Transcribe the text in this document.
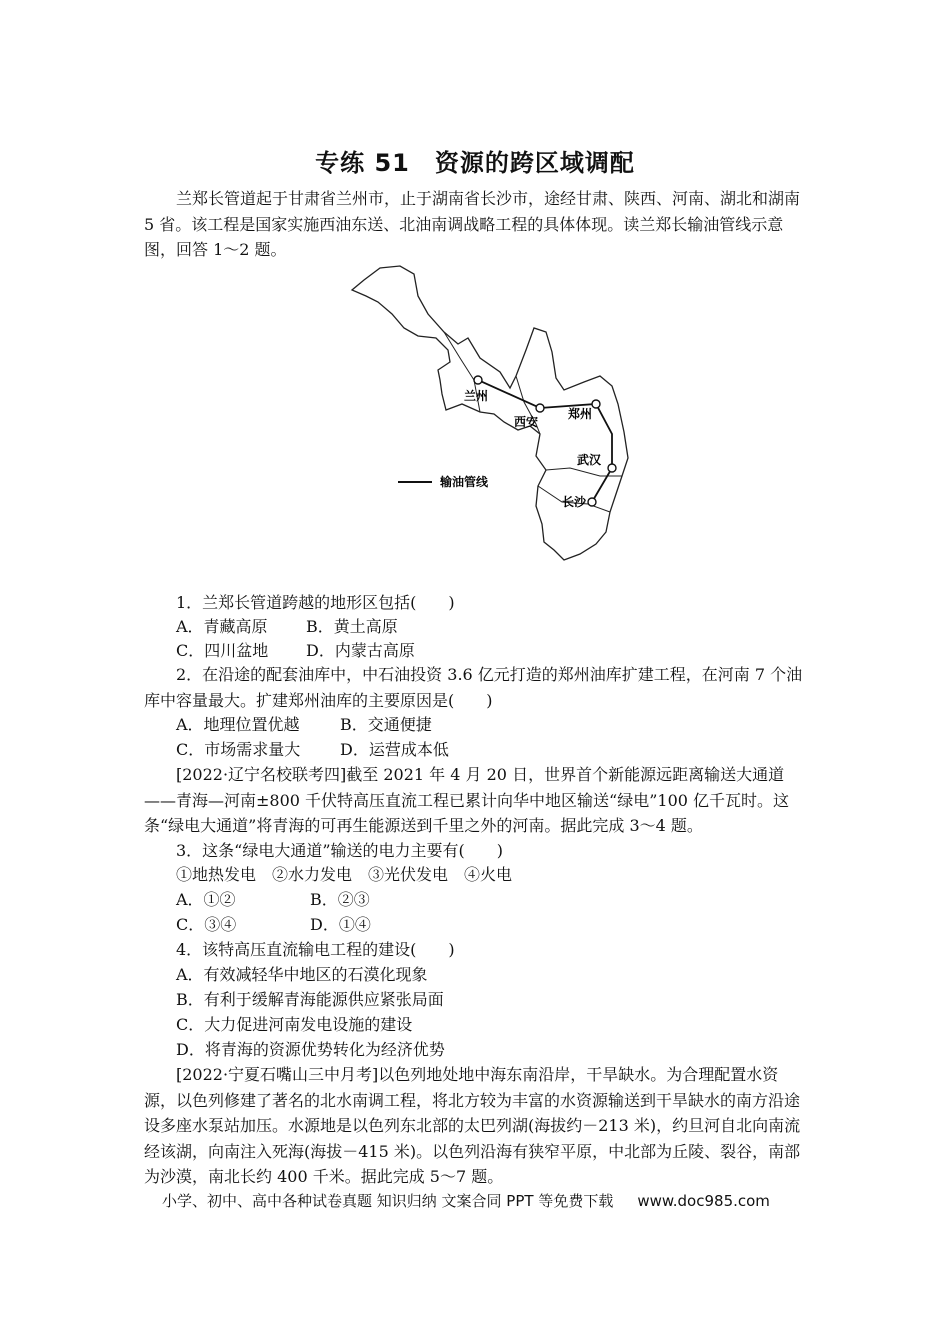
专练 51　资源的跨区域调配
兰郑长管道起于甘肃省兰州市，止于湖南省长沙市，途经甘肃、陕西、河南、湖北和湖南 5 省。该工程是国家实施西油东送、北油南调战略工程的具体体现。读兰郑长输油管线示意图，回答 1～2 题。
兰州
西安
郑州
武汉
长沙
输油管线
1．兰郑长管道跨越的地形区包括(　　)
A．青藏高原 B．黄土高原
C．四川盆地 D．内蒙古高原
2．在沿途的配套油库中，中石油投资 3.6 亿元打造的郑州油库扩建工程，在河南 7 个油库中容量最大。扩建郑州油库的主要原因是(　　)
A．地理位置优越	B．交通便捷
C．市场需求量大 D．运营成本低
[2022·辽宁名校联考四]截至 2021 年 4 月 20 日，世界首个新能源远距离输送大通道——青海—河南±800 千伏特高压直流工程已累计向华中地区输送“绿电”100 亿千瓦时。这条“绿电大通道”将青海的可再生能源送到千里之外的河南。据此完成 3～4 题。
3．这条“绿电大通道”输送的电力主要有(　　)
①地热发电　②水力发电　③光伏发电　④火电
A．①②	B．②③
C．③④	D．①④
4．该特高压直流输电工程的建设(　　)
A．有效减轻华中地区的石漠化现象
B．有利于缓解青海能源供应紧张局面
C．大力促进河南发电设施的建设
D．将青海的资源优势转化为经济优势
[2022·宁夏石嘴山三中月考]以色列地处地中海东南沿岸，干旱缺水。为合理配置水资源，以色列修建了著名的北水南调工程，将北方较为丰富的水资源输送到干旱缺水的南方沿途设多座水泵站加压。水源地是以色列东北部的太巴列湖(海拔约－213 米)，约旦河自北向南流经该湖，向南注入死海(海拔－415 米)。以色列沿海有狭窄平原，中北部为丘陵、裂谷，南部为沙漠，南北长约 400 千米。据此完成 5～7 题。
小学、初中、高中各种试卷真题 知识归纳 文案合同 PPT 等免费下载 www.doc985.com
